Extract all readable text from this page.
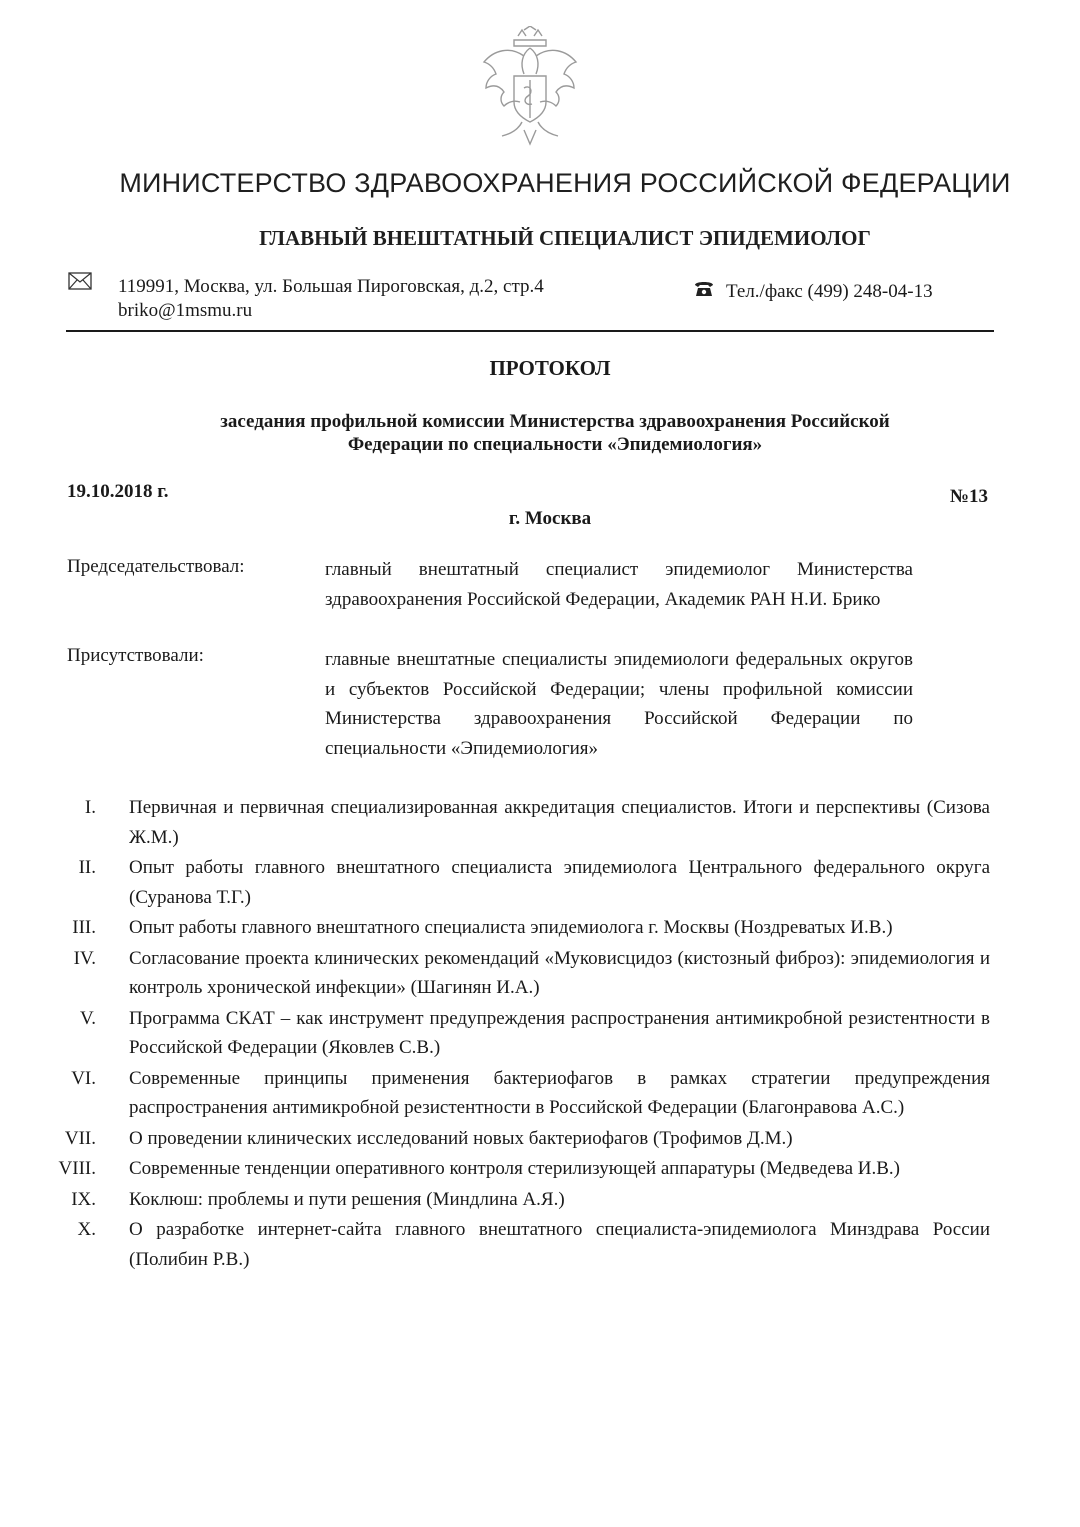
МИНИСТЕРСТВО ЗДРАВООХРАНЕНИЯ РОССИЙСКОЙ ФЕДЕРАЦИИ
ГЛАВНЫЙ ВНЕШТАТНЫЙ СПЕЦИАЛИСТ ЭПИДЕМИОЛОГ
119991, Москва, ул. Большая Пироговская, д.2, стр.4
briko@1msmu.ru
Тел./факс (499) 248-04-13
ПРОТОКОЛ
заседания профильной комиссии Министерства здравоохранения Российской
Федерации по специальности «Эпидемиология»
19.10.2018 г.	№13
г. Москва
Председательствовал:	главный внештатный специалист эпидемиолог Министерства здравоохранения Российской Федерации, Академик РАН Н.И. Брико
Присутствовали:	главные внештатные специалисты эпидемиологи федеральных округов и субъектов Российской Федерации; члены профильной комиссии Министерства здравоохранения Российской Федерации по специальности «Эпидемиология»
I.	Первичная и первичная специализированная аккредитация специалистов. Итоги и перспективы (Сизова Ж.М.)
II.	Опыт работы главного внештатного специалиста эпидемиолога Центрального федерального округа (Суранова Т.Г.)
III.	Опыт работы главного внештатного специалиста эпидемиолога г. Москвы (Ноздреватых И.В.)
IV.	Согласование проекта клинических рекомендаций «Муковисцидоз (кистозный фиброз): эпидемиология и контроль хронической инфекции» (Шагинян И.А.)
V.	Программа СКАТ – как инструмент предупреждения распространения антимикробной резистентности в Российской Федерации (Яковлев С.В.)
VI.	Современные принципы применения бактериофагов в рамках стратегии предупреждения распространения антимикробной резистентности в Российской Федерации (Благонравова А.С.)
VII.	О проведении клинических исследований новых бактериофагов (Трофимов Д.М.)
VIII.	Современные тенденции оперативного контроля стерилизующей аппаратуры (Медведева И.В.)
IX.	Коклюш: проблемы и пути решения (Миндлина А.Я.)
X.	О разработке интернет-сайта главного внештатного специалиста-эпидемиолога Минздрава России (Полибин Р.В.)
